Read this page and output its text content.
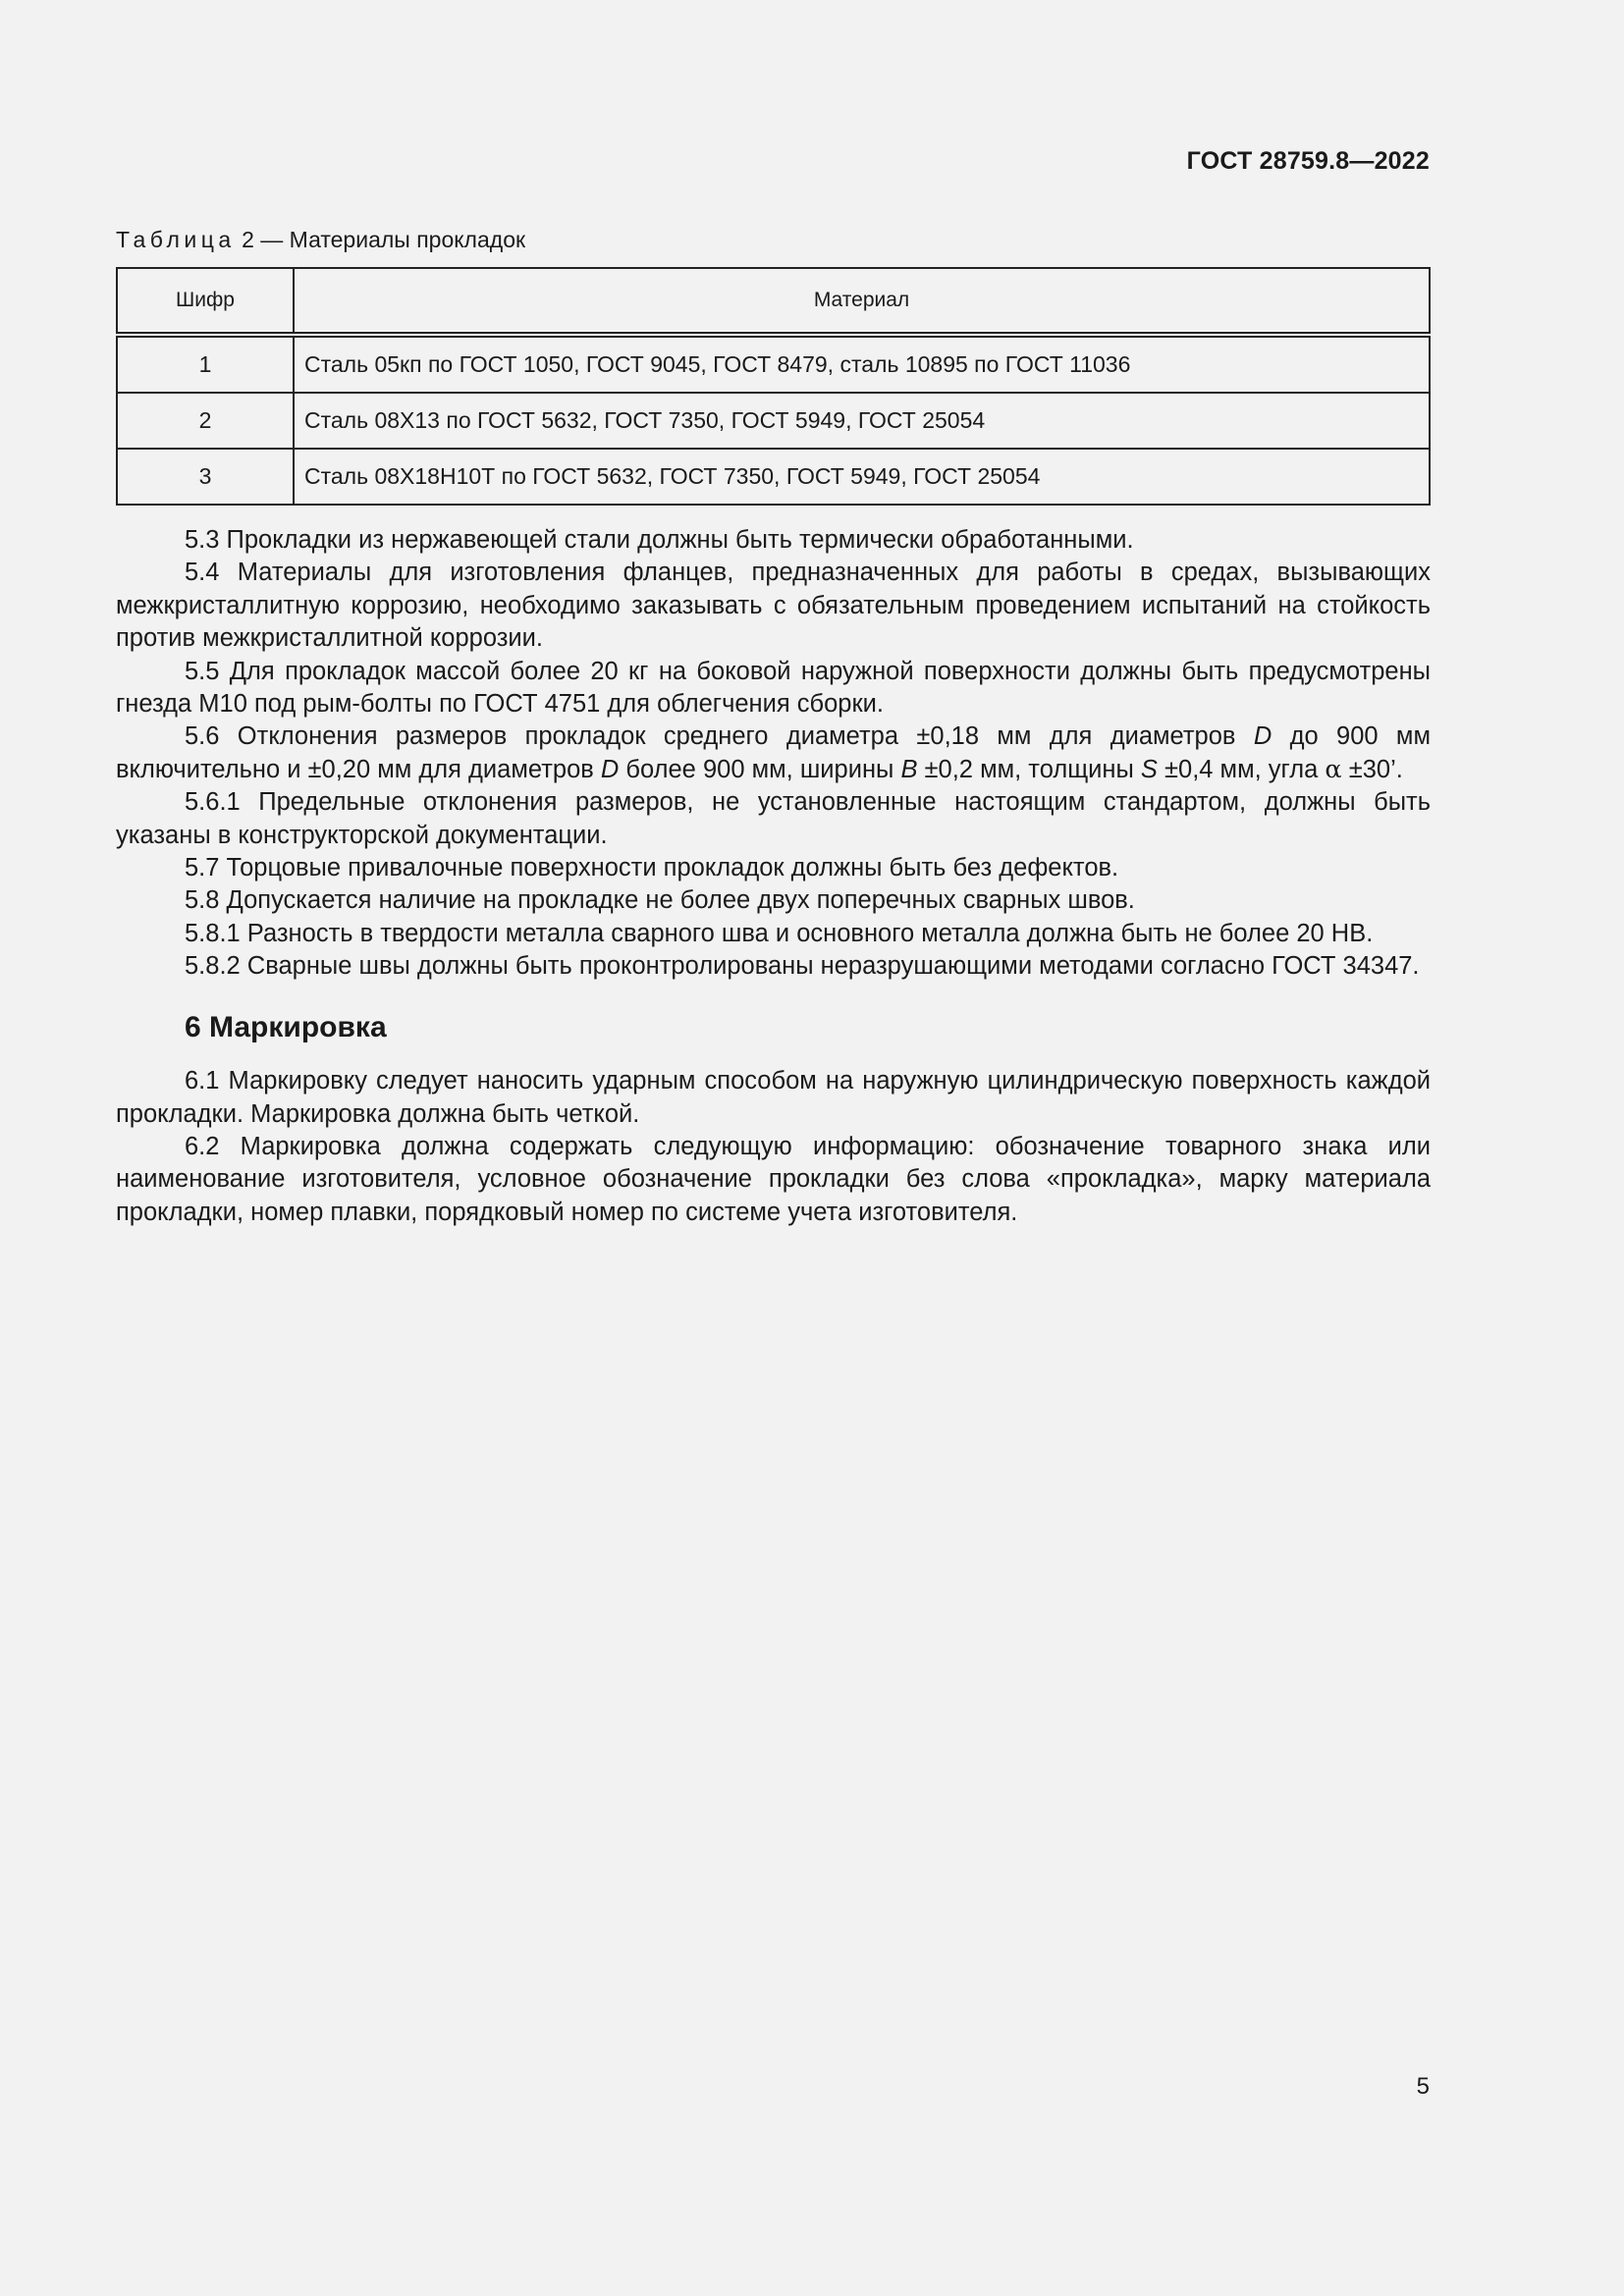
ГОСТ 28759.8—2022
Таблица 2 — Материалы прокладок
Шифр	Материал
1	Сталь 05кп по ГОСТ 1050, ГОСТ 9045, ГОСТ 8479, сталь 10895 по ГОСТ 11036
2	Сталь 08Х13 по ГОСТ 5632, ГОСТ 7350, ГОСТ 5949, ГОСТ 25054
3	Сталь 08Х18Н10Т по ГОСТ 5632, ГОСТ 7350, ГОСТ 5949, ГОСТ 25054

5.3 Прокладки из нержавеющей стали должны быть термически обработанными.

5.4 Материалы для изготовления фланцев, предназначенных для работы в средах, вызывающих межкристаллитную коррозию, необходимо заказывать с обязательным проведением испытаний на стойкость против межкристаллитной коррозии.

5.5 Для прокладок массой более 20 кг на боковой наружной поверхности должны быть предусмотрены гнезда М10 под рым-болты по ГОСТ 4751 для облегчения сборки.

5.6 Отклонения размеров прокладок среднего диаметра ±0,18 мм для диаметров D до 900 мм включительно и ±0,20 мм для диаметров D более 900 мм, ширины B ±0,2 мм, толщины S ±0,4 мм, угла α ±30’.

5.6.1 Предельные отклонения размеров, не установленные настоящим стандартом, должны быть указаны в конструкторской документации.

5.7 Торцовые привалочные поверхности прокладок должны быть без дефектов.

5.8 Допускается наличие на прокладке не более двух поперечных сварных швов.

5.8.1 Разность в твердости металла сварного шва и основного металла должна быть не более 20 НВ.

5.8.2 Сварные швы должны быть проконтролированы неразрушающими методами согласно ГОСТ 34347.

6 Маркировка

6.1 Маркировку следует наносить ударным способом на наружную цилиндрическую поверхность каждой прокладки. Маркировка должна быть четкой.

6.2 Маркировка должна содержать следующую информацию: обозначение товарного знака или наименование изготовителя, условное обозначение прокладки без слова «прокладка», марку материала прокладки, номер плавки, порядковый номер по системе учета изготовителя.

5
